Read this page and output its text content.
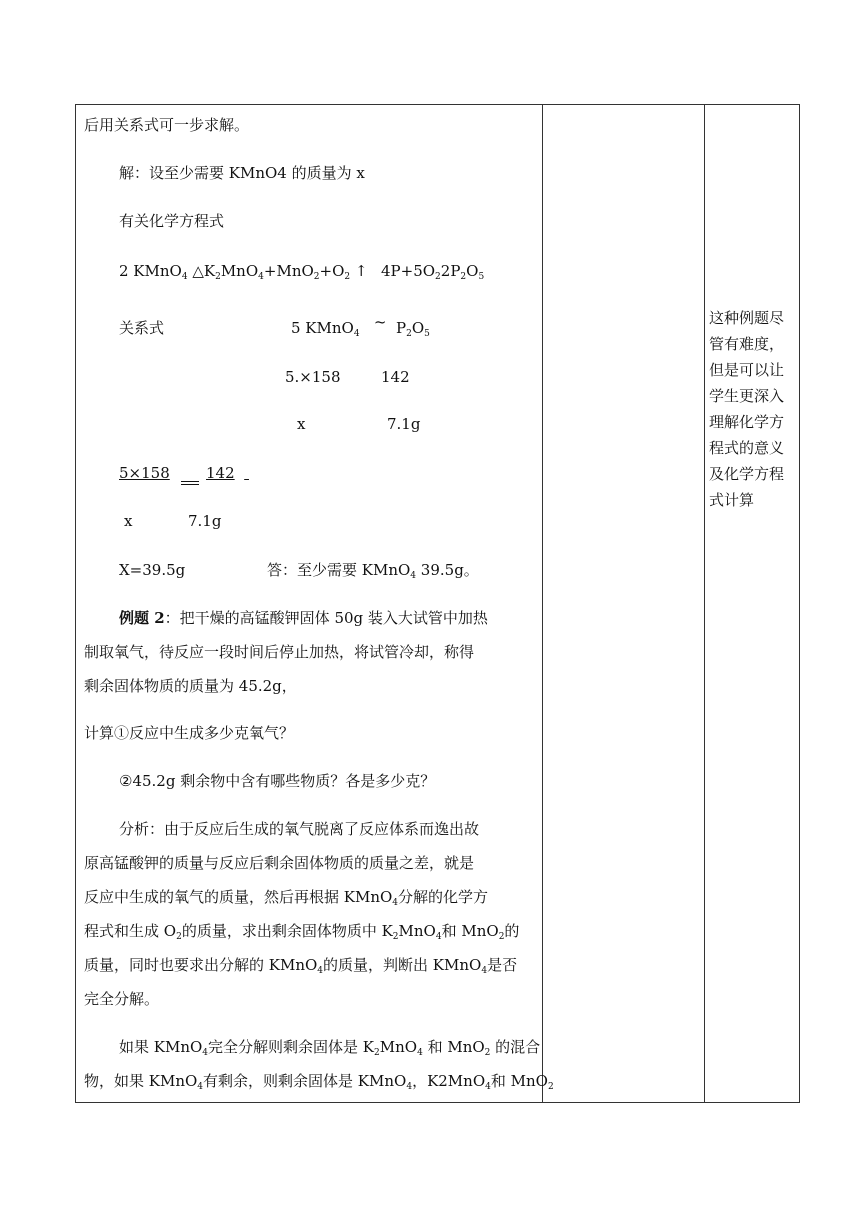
后用关系式可一步求解。
解：设至少需要 KMnO4 的质量为 x
有关化学方程式
2 KMnO$_4$ $\triangle K_2MnO_4+MnO_2+O_2$ ↑ $4P+5O_22P_2O_5$
关系式	5 KMnO$_4$   ~ $P_2O_5$
5.×158	142
x	7.1g
5×158 142
x	7.1g
X=39.5g	答：至少需要 KMnO$_4$ 39.5g。
例题 2：把干燥的高锰酸钾固体 50g 装入大试管中加热
制取氧气，待反应一段时间后停止加热，将试管冷却，称得
剩余固体物质的质量为 45.2g，
计算①反应中生成多少克氧气？
②45.2g 剩余物中含有哪些物质？各是多少克？
分析：由于反应后生成的氧气脱离了反应体系而逸出故
原高锰酸钾的质量与反应后剩余固体物质的质量之差，就是
反应中生成的氧气的质量，然后再根据 KMnO$_4$分解的化学方
程式和生成 $O_2$的质量，求出剩余固体物质中 $K_2MnO_4$和 MnO$_2$的
质量，同时也要求出分解的 KMnO$_4$的质量，判断出 KMnO$_4$是否
完全分解。
如果 KMnO$_4$完全分解则剩余固体是 $K_2MnO_4$ 和 MnO$_2$ 的混合
物，如果 KMnO$_4$有剩余，则剩余固体是 KMnO$_4$，K2MnO$_4$和 MnO$_2$
这种例题尽管有难度，但是可以让学生更深入理解化学方程式的意义及化学方程式计算
